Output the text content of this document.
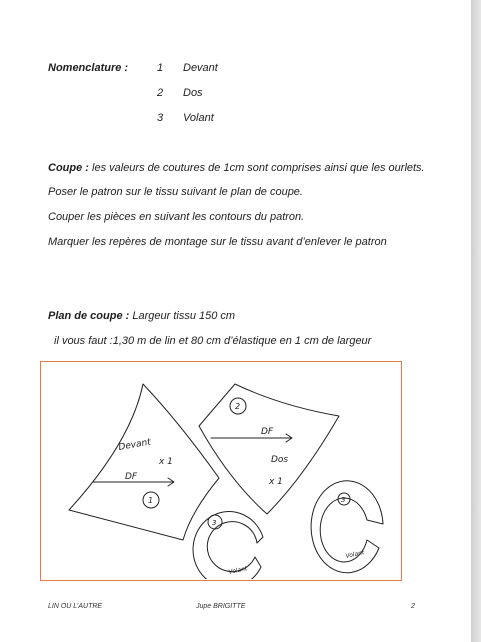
Nomenclature :	1 Devant
2 Dos
3 Volant
Coupe : les valeurs de coutures de 1cm sont comprises ainsi que les ourlets.
Poser le patron sur le tissu suivant le plan de coupe.
Couper les pièces en suivant les contours du patron.
Marquer les repères de montage sur le tissu avant d’enlever le patron
Plan de coupe : Largeur tissu 150 cm
il vous faut :1,30 m de lin et 80 cm d’élastique en 1 cm de largeur
Devant
x 1
DF
1
2
DF
Dos
x 1
3
3
Volant
Volant
LIN OU L’AUTRE	Jupe BRIGITTE	2
